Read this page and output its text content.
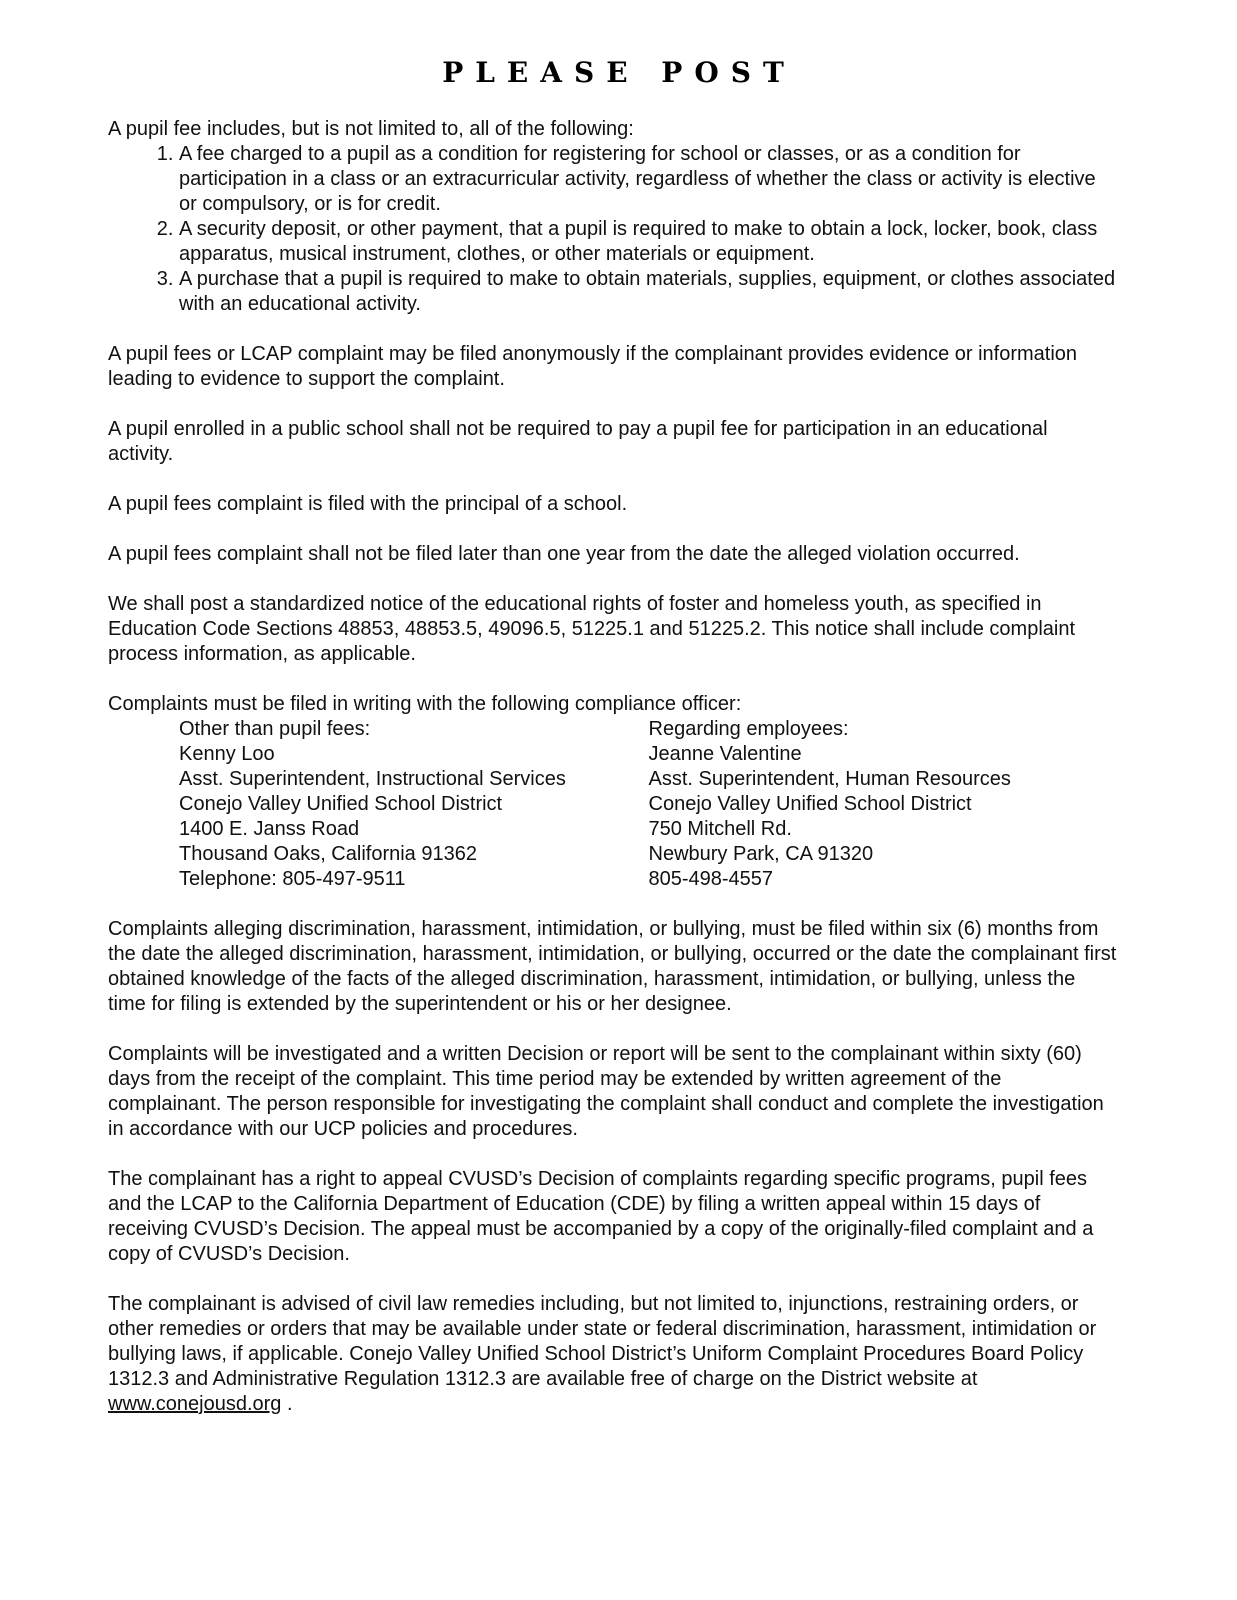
PLEASE POST

A pupil fee includes, but is not limited to, all of the following:

1. A fee charged to a pupil as a condition for registering for school or classes, or as a condition for participation in a class or an extracurricular activity, regardless of whether the class or activity is elective or compulsory, or is for credit.
2. A security deposit, or other payment, that a pupil is required to make to obtain a lock, locker, book, class apparatus, musical instrument, clothes, or other materials or equipment.
3. A purchase that a pupil is required to make to obtain materials, supplies, equipment, or clothes associated with an educational activity.

A pupil fees or LCAP complaint may be filed anonymously if the complainant provides evidence or information leading to evidence to support the complaint.

A pupil enrolled in a public school shall not be required to pay a pupil fee for participation in an educational activity.

A pupil fees complaint is filed with the principal of a school.

A pupil fees complaint shall not be filed later than one year from the date the alleged violation occurred.

We shall post a standardized notice of the educational rights of foster and homeless youth, as specified in Education Code Sections 48853, 48853.5, 49096.5, 51225.1 and 51225.2. This notice shall include complaint process information, as applicable.

Complaints must be filed in writing with the following compliance officer:

Other than pupil fees:
Kenny Loo
Asst. Superintendent, Instructional Services
Conejo Valley Unified School District
1400 E. Janss Road
Thousand Oaks, California 91362
Telephone: 805-497-9511
Regarding employees:
Jeanne Valentine
Asst. Superintendent, Human Resources
Conejo Valley Unified School District
750 Mitchell Rd.
Newbury Park, CA 91320
805-498-4557

Complaints alleging discrimination, harassment, intimidation, or bullying, must be filed within six (6) months from the date the alleged discrimination, harassment, intimidation, or bullying, occurred or the date the complainant first obtained knowledge of the facts of the alleged discrimination, harassment, intimidation, or bullying, unless the time for filing is extended by the superintendent or his or her designee.

Complaints will be investigated and a written Decision or report will be sent to the complainant within sixty (60) days from the receipt of the complaint. This time period may be extended by written agreement of the complainant. The person responsible for investigating the complaint shall conduct and complete the investigation in accordance with our UCP policies and procedures.

The complainant has a right to appeal CVUSD’s Decision of complaints regarding specific programs, pupil fees and the LCAP to the California Department of Education (CDE) by filing a written appeal within 15 days of receiving CVUSD’s Decision. The appeal must be accompanied by a copy of the originally-filed complaint and a copy of CVUSD’s Decision.

The complainant is advised of civil law remedies including, but not limited to, injunctions, restraining orders, or other remedies or orders that may be available under state or federal discrimination, harassment, intimidation or bullying laws, if applicable. Conejo Valley Unified School District’s Uniform Complaint Procedures Board Policy 1312.3 and Administrative Regulation 1312.3 are available free of charge on the District website at www.conejousd.org .
